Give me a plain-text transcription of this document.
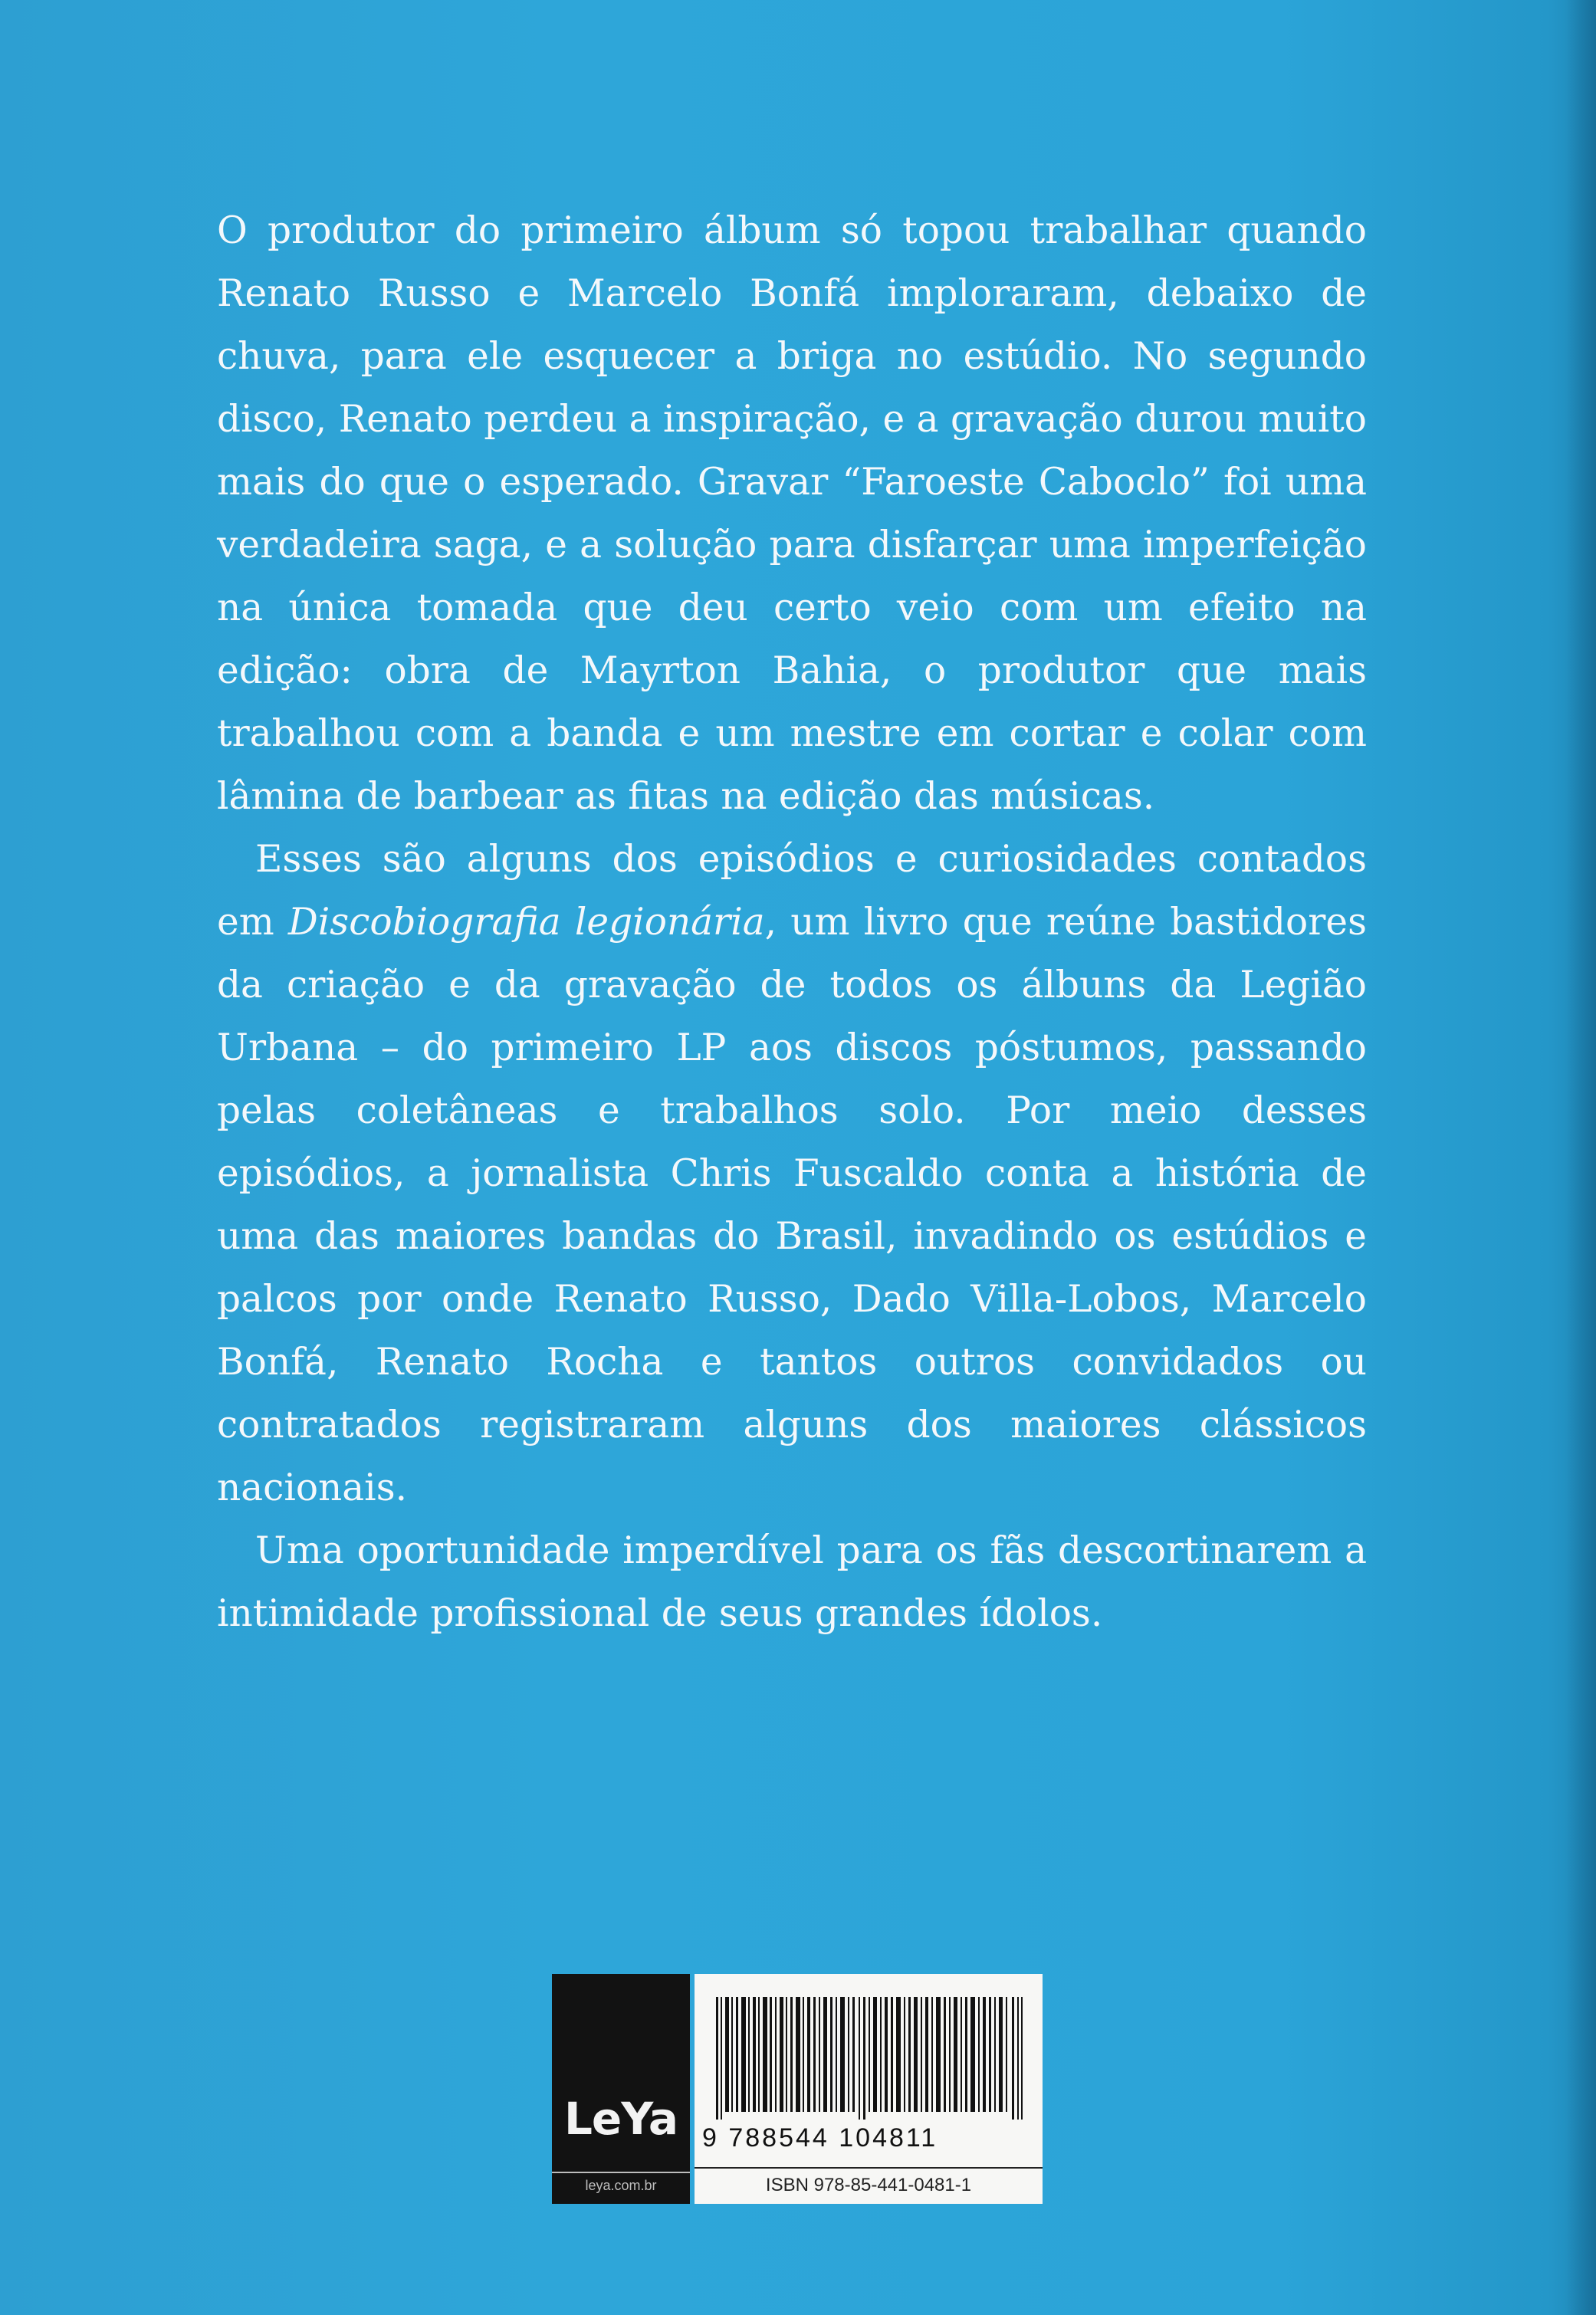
O produtor do primeiro álbum só topou trabalhar quando Renato Russo e Marcelo Bonfá imploraram, debaixo de chuva, para ele esquecer a briga no estúdio. No segundo disco, Renato perdeu a inspiração, e a gravação durou muito mais do que o esperado. Gravar “Faroeste Caboclo” foi uma verdadeira saga, e a solução para disfarçar uma imperfeição na única tomada que deu certo veio com um efeito na edição: obra de Mayrton Bahia, o produtor que mais trabalhou com a banda e um mestre em cortar e colar com lâmina de barbear as fitas na edição das músicas.

Esses são alguns dos episódios e curiosidades contados em Discobiografia legionária, um livro que reúne bastidores da criação e da gravação de todos os álbuns da Legião Urbana – do primeiro LP aos discos póstumos, passando pelas coletâneas e trabalhos solo. Por meio desses episódios, a jornalista Chris Fuscaldo conta a história de uma das maiores bandas do Brasil, invadindo os estúdios e palcos por onde Renato Russo, Dado Villa-Lobos, Marcelo Bonfá, Renato Rocha e tantos outros convidados ou contratados registraram alguns dos maiores clássicos nacionais.

Uma oportunidade imperdível para os fãs descortinarem a intimidade profissional de seus grandes ídolos.

LeYa
leya.com.br
9 788544 104811
ISBN 978-85-441-0481-1
